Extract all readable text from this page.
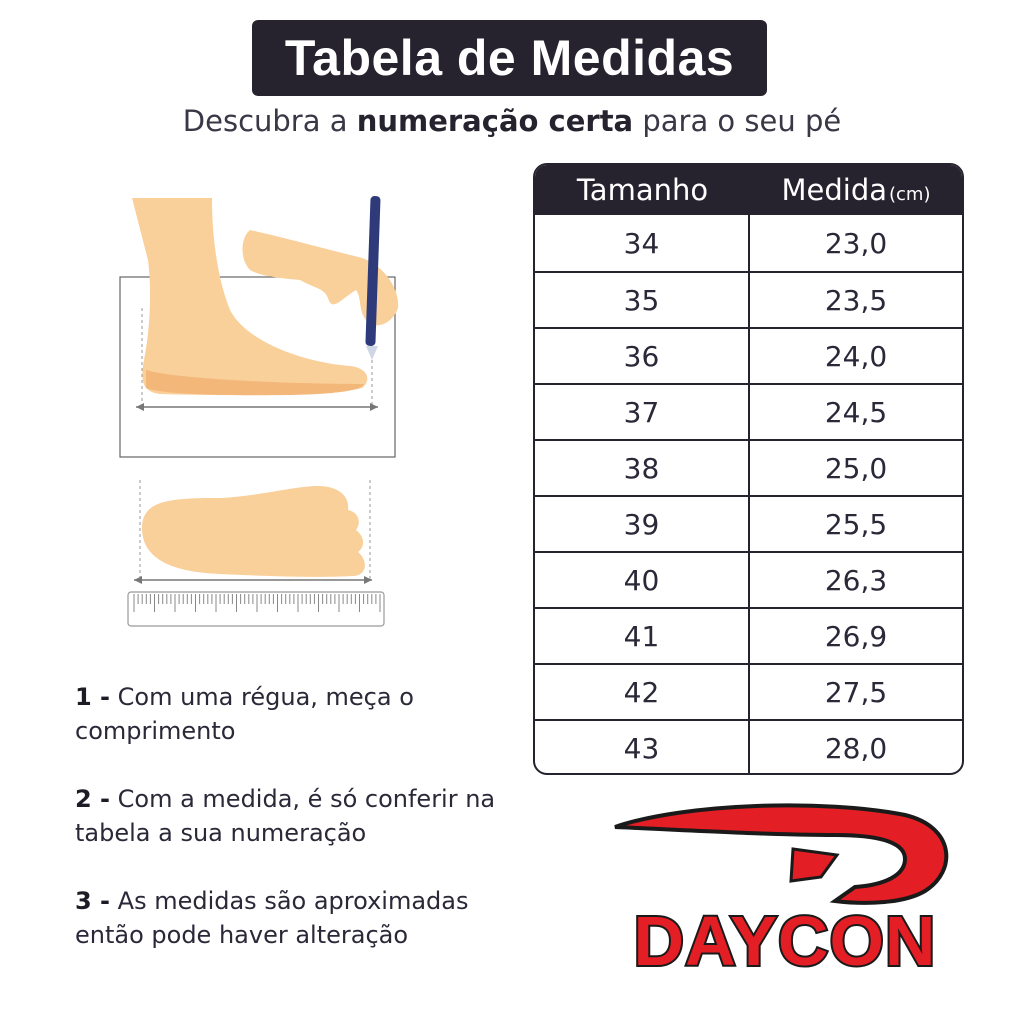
Tabela de Medidas
Descubra a numeração certa para o seu pé
Tamanho	Medida (cm)
34	23,0
35	23,5
36	24,0
37	24,5
38	25,0
39	25,5
40	26,3
41	26,9
42	27,5
43	28,0
1 - Com uma régua, meça o comprimento
2 - Com a medida, é só conferir na tabela a sua numeração
3 - As medidas são aproximadas então pode haver alteração	DAYCON
